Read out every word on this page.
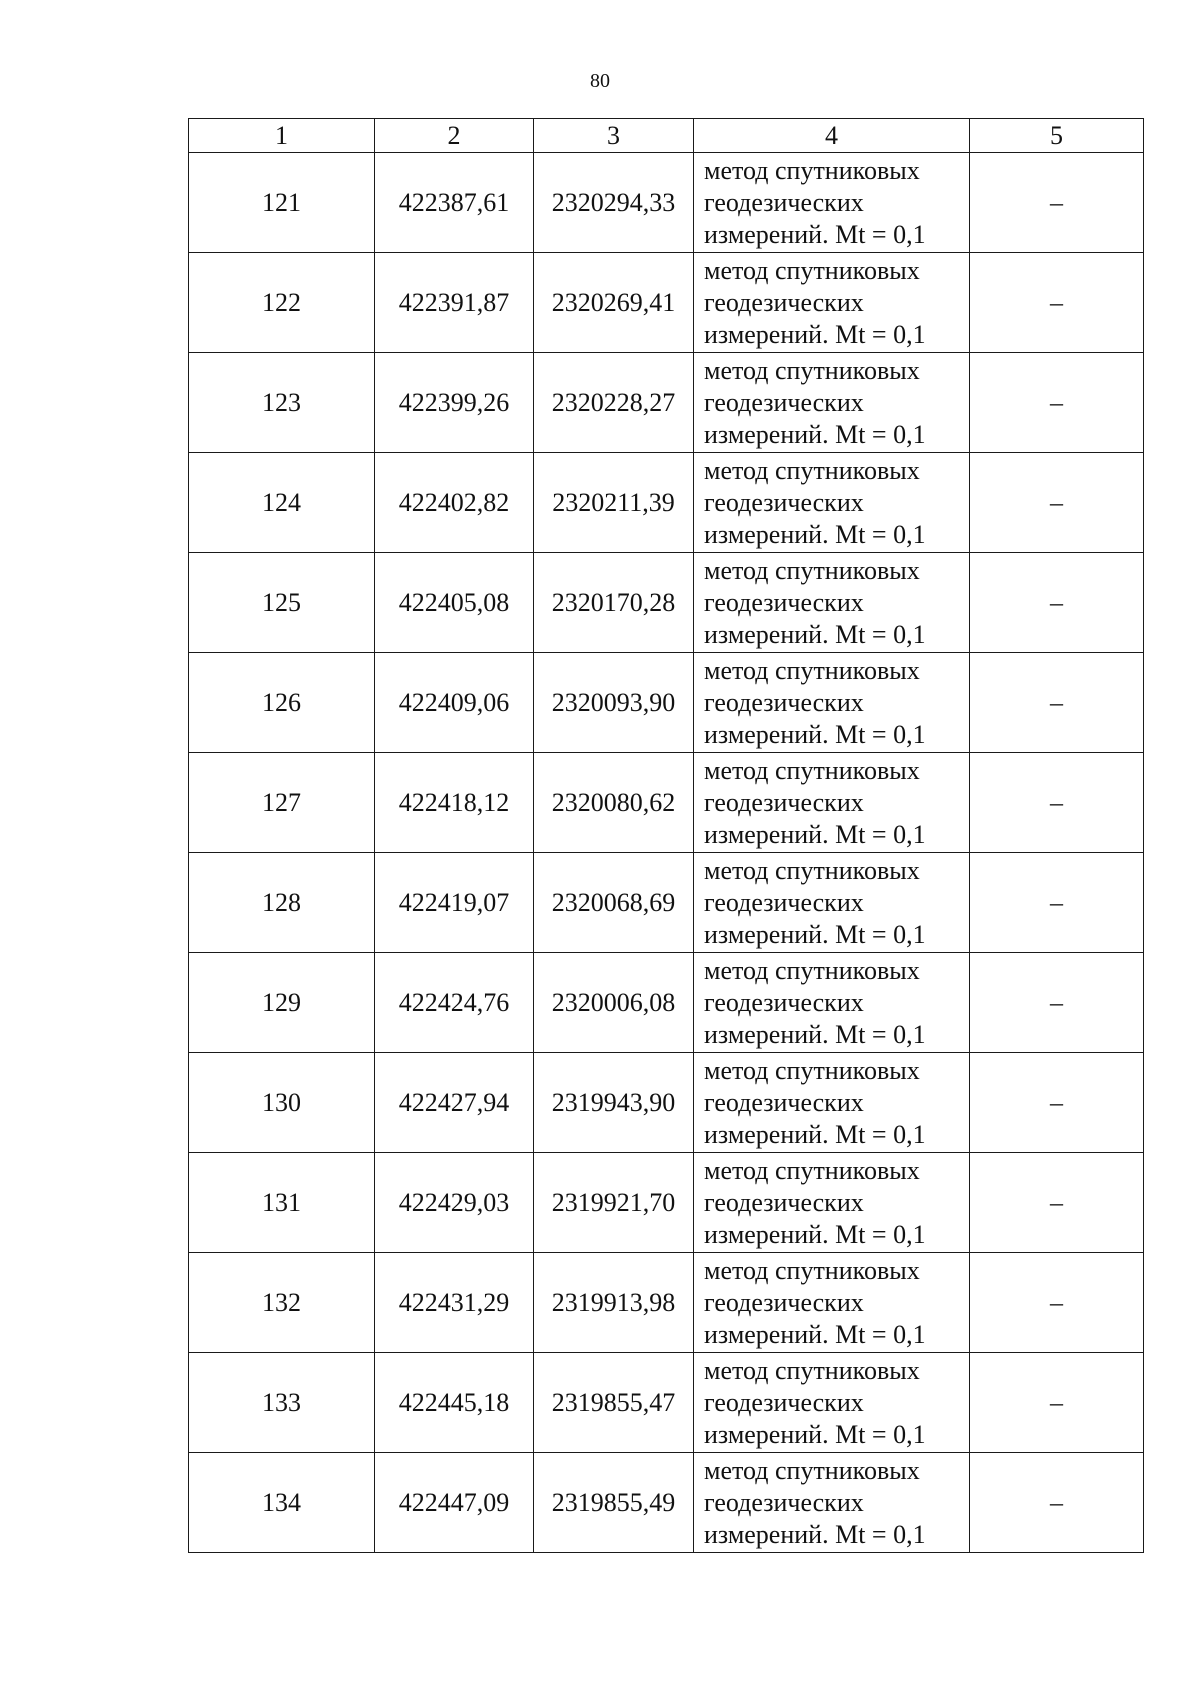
80
1	2	3	4	5
121	422387,61	2320294,33	метод спутниковых
геодезических
измерений. Mt = 0,1	–
122	422391,87	2320269,41	метод спутниковых
геодезических
измерений. Mt = 0,1	–
123	422399,26	2320228,27	метод спутниковых
геодезических
измерений. Mt = 0,1	–
124	422402,82	2320211,39	метод спутниковых
геодезических
измерений. Mt = 0,1	–
125	422405,08	2320170,28	метод спутниковых
геодезических
измерений. Mt = 0,1	–
126	422409,06	2320093,90	метод спутниковых
геодезических
измерений. Mt = 0,1	–
127	422418,12	2320080,62	метод спутниковых
геодезических
измерений. Mt = 0,1	–
128	422419,07	2320068,69	метод спутниковых
геодезических
измерений. Mt = 0,1	–
129	422424,76	2320006,08	метод спутниковых
геодезических
измерений. Mt = 0,1	–
130	422427,94	2319943,90	метод спутниковых
геодезических
измерений. Mt = 0,1	–
131	422429,03	2319921,70	метод спутниковых
геодезических
измерений. Mt = 0,1	–
132	422431,29	2319913,98	метод спутниковых
геодезических
измерений. Mt = 0,1	–
133	422445,18	2319855,47	метод спутниковых
геодезических
измерений. Mt = 0,1	–
134	422447,09	2319855,49	метод спутниковых
геодезических
измерений. Mt = 0,1	–
